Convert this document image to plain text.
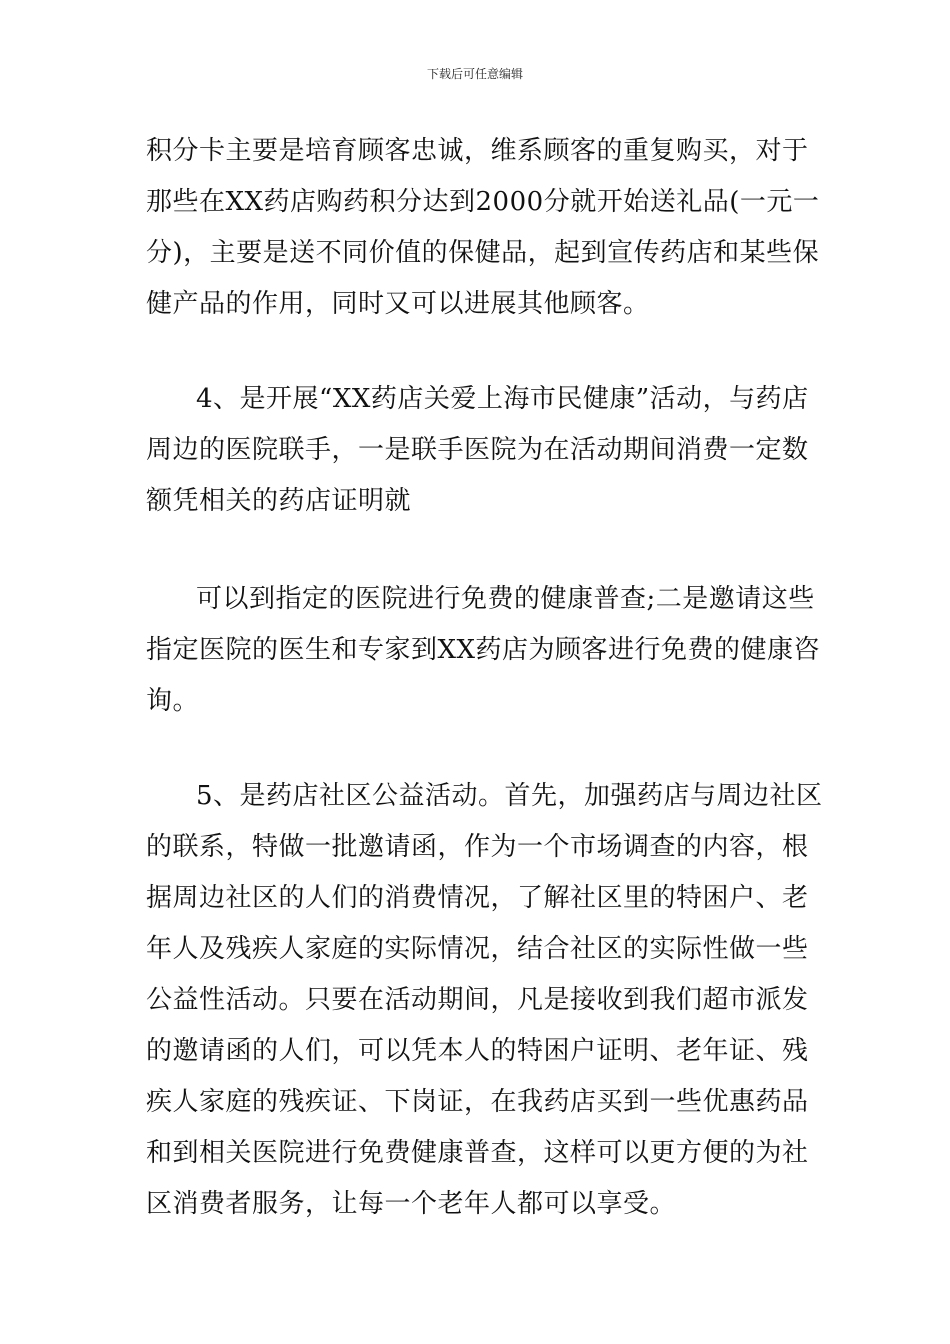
下载后可任意编辑
积分卡主要是培育顾客忠诚，维系顾客的重复购买，对于
那些在XX药店购药积分达到2000分就开始送礼品(一元一
分)，主要是送不同价值的保健品，起到宣传药店和某些保
健产品的作用，同时又可以进展其他顾客。
4、是开展“XX药店关爱上海市民健康”活动，与药店
周边的医院联手，一是联手医院为在活动期间消费一定数
额凭相关的药店证明就
可以到指定的医院进行免费的健康普查;二是邀请这些
指定医院的医生和专家到XX药店为顾客进行免费的健康咨
询。
5、是药店社区公益活动。首先，加强药店与周边社区
的联系，特做一批邀请函，作为一个市场调查的内容，根
据周边社区的人们的消费情况，了解社区里的特困户、老
年人及残疾人家庭的实际情况，结合社区的实际性做一些
公益性活动。只要在活动期间，凡是接收到我们超市派发
的邀请函的人们，可以凭本人的特困户证明、老年证、残
疾人家庭的残疾证、下岗证，在我药店买到一些优惠药品
和到相关医院进行免费健康普查，这样可以更方便的为社
区消费者服务，让每一个老年人都可以享受。
